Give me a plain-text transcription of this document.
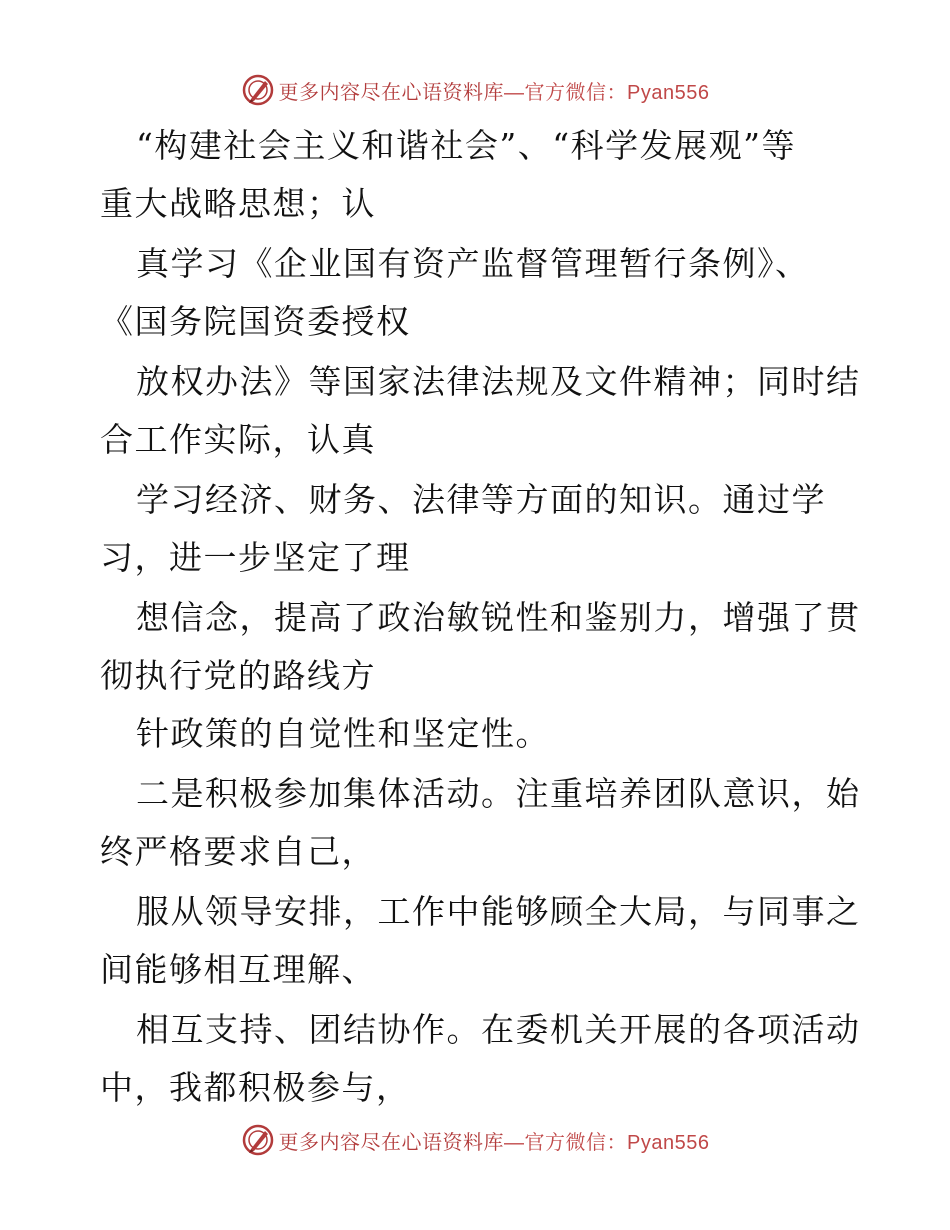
更多内容尽在心语资料库—官方微信：Pyan556
“构建社会主义和谐社会”、“科学发展观”等
重大战略思想；认
真学习《企业国有资产监督管理暂行条例》、
《国务院国资委授权
放权办法》等国家法律法规及文件精神；同时结
合工作实际，认真
学习经济、财务、法律等方面的知识。通过学
习，进一步坚定了理
想信念，提高了政治敏锐性和鉴别力，增强了贯
彻执行党的路线方
针政策的自觉性和坚定性。
二是积极参加集体活动。注重培养团队意识，始
终严格要求自己，
服从领导安排，工作中能够顾全大局，与同事之
间能够相互理解、
相互支持、团结协作。在委机关开展的各项活动
中，我都积极参与，
更多内容尽在心语资料库—官方微信：Pyan556
